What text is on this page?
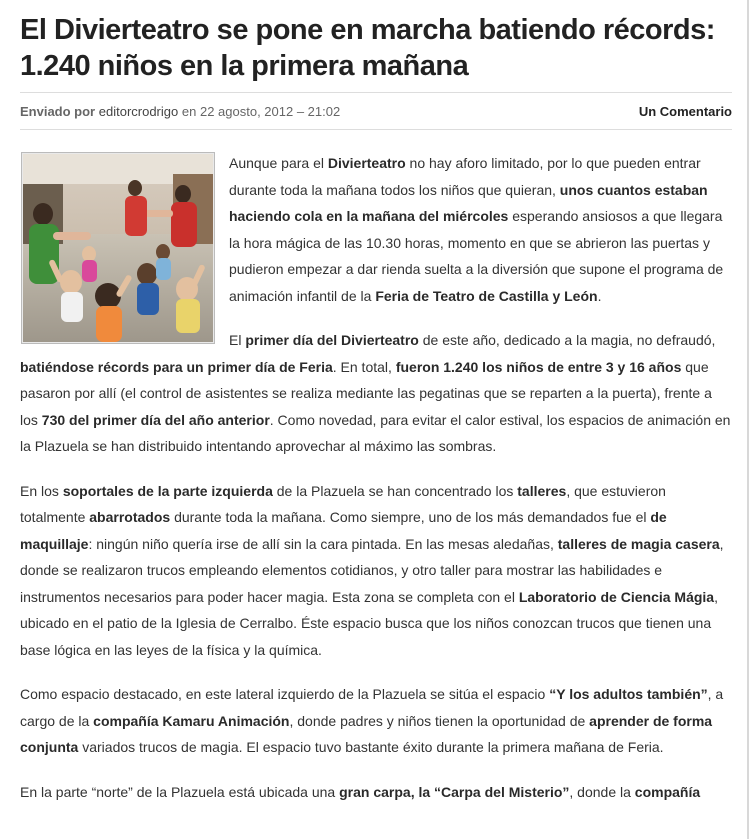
El Divierteatro se pone en marcha batiendo récords: 1.240 niños en la primera mañana
Enviado por editorcrodrigo en 22 agosto, 2012 – 21:02	Un Comentario

Aunque para el Divierteatro no hay aforo limitado, por lo que pueden entrar durante toda la mañana todos los niños que quieran, unos cuantos estaban haciendo cola en la mañana del miércoles esperando ansiosos a que llegara la hora mágica de las 10.30 horas, momento en que se abrieron las puertas y pudieron empezar a dar rienda suelta a la diversión que supone el programa de animación infantil de la Feria de Teatro de Castilla y León.

El primer día del Divierteatro de este año, dedicado a la magia, no defraudó, batiéndose récords para un primer día de Feria. En total, fueron 1.240 los niños de entre 3 y 16 años que pasaron por allí (el control de asistentes se realiza mediante las pegatinas que se reparten a la puerta), frente a los 730 del primer día del año anterior. Como novedad, para evitar el calor estival, los espacios de animación en la Plazuela se han distribuido intentando aprovechar al máximo las sombras.

En los soportales de la parte izquierda de la Plazuela se han concentrado los talleres, que estuvieron totalmente abarrotados durante toda la mañana. Como siempre, uno de los más demandados fue el de maquillaje: ningún niño quería irse de allí sin la cara pintada. En las mesas aledañas, talleres de magia casera, donde se realizaron trucos empleando elementos cotidianos, y otro taller para mostrar las habilidades e instrumentos necesarios para poder hacer magia. Esta zona se completa con el Laboratorio de Ciencia Mágia, ubicado en el patio de la Iglesia de Cerralbo. Éste espacio busca que los niños conozcan trucos que tienen una base lógica en las leyes de la física y la química.

Como espacio destacado, en este lateral izquierdo de la Plazuela se sitúa el espacio “Y los adultos también”, a cargo de la compañía Kamaru Animación, donde padres y niños tienen la oportunidad de aprender de forma conjunta variados trucos de magia. El espacio tuvo bastante éxito durante la primera mañana de Feria.

En la parte “norte” de la Plazuela está ubicada una gran carpa, la “Carpa del Misterio”, donde la compañía
